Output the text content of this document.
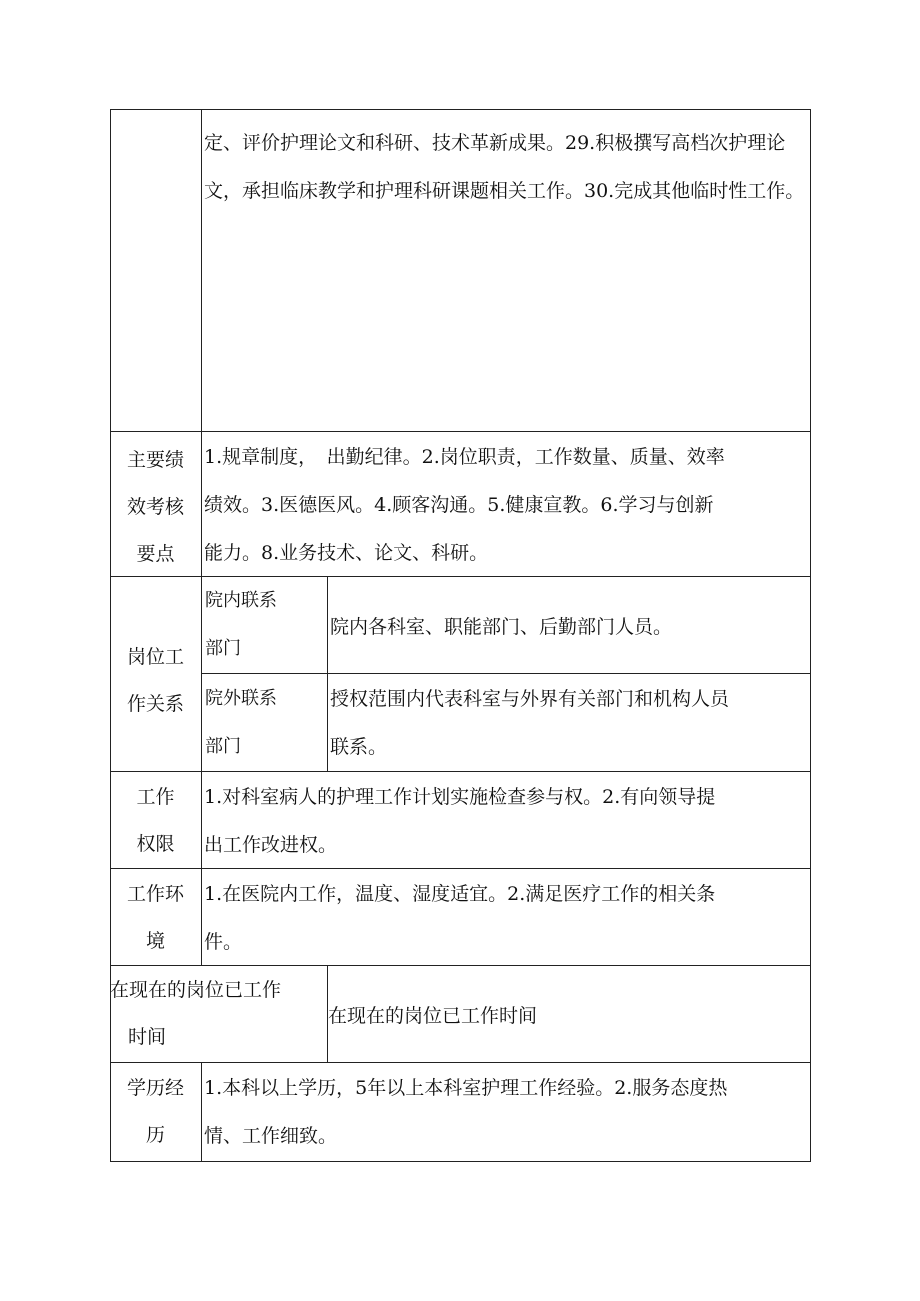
定、评价护理论文和科研、技术革新成果。29.积极撰写高档次护理论
文，承担临床教学和护理科研课题相关工作。30.完成其他临时性工作。
主要绩
效考核
要点
1.规章制度，　出勤纪律。2.岗位职责，工作数量、质量、效率
绩效。3.医德医风。4.顾客沟通。5.健康宣教。6.学习与创新
能力。8.业务技术、论文、科研。
岗位工
作关系
院内联系
部门
院内各科室、职能部门、后勤部门人员。
院外联系
部门
授权范围内代表科室与外界有关部门和机构人员
联系。
工作
权限
1.对科室病人的护理工作计划实施检查参与权。2.有向领导提
出工作改进权。
工作环
境
1.在医院内工作，温度、湿度适宜。2.满足医疗工作的相关条
件。
在现在的岗位已工作
时间
在现在的岗位已工作时间
学历经
历
1.本科以上学历，5年以上本科室护理工作经验。2.服务态度热
情、工作细致。
